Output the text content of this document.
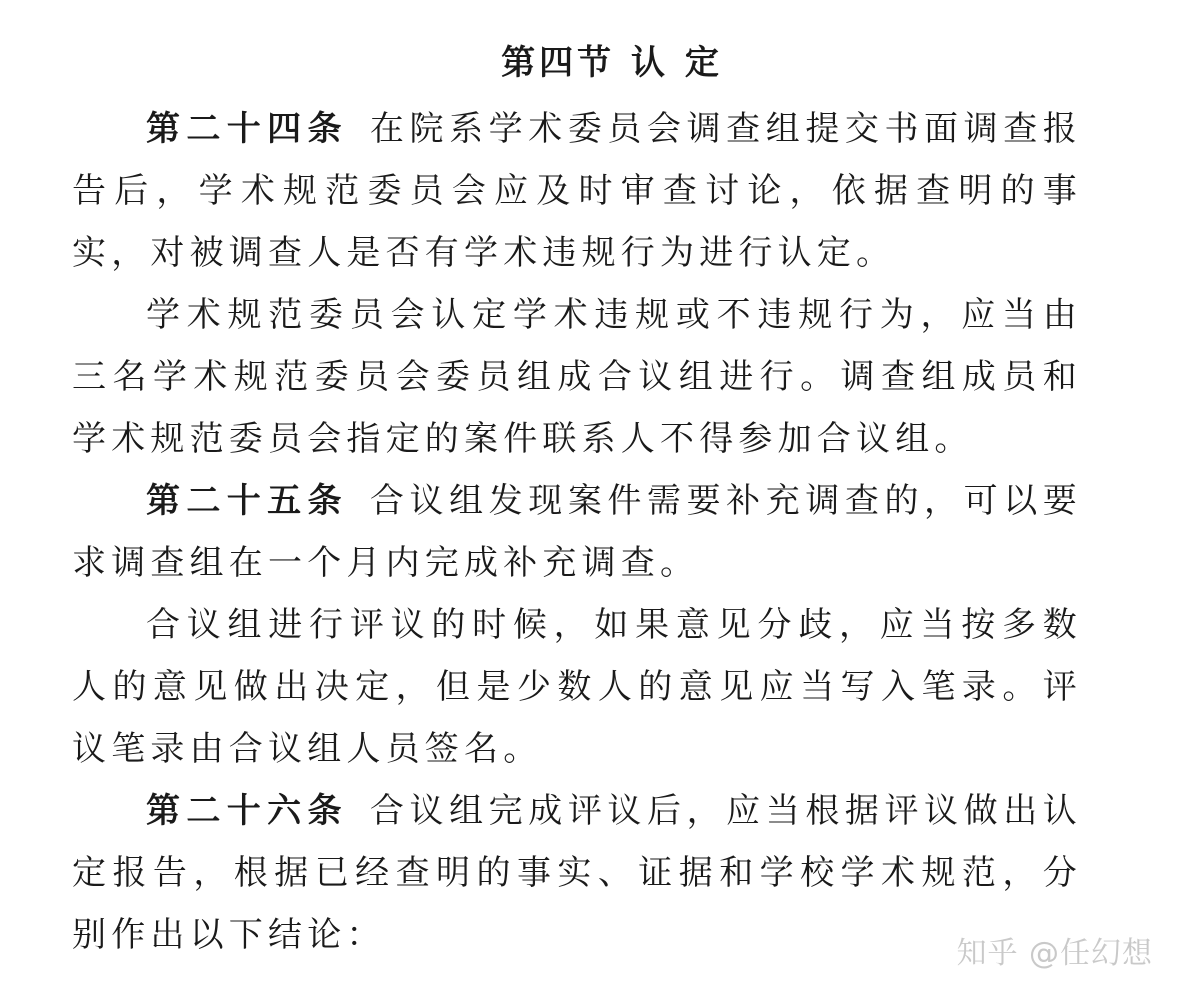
第四节 认 定

第二十四条 在院系学术委员会调查组提交书面调查报告后，学术规范委员会应及时审查讨论，依据查明的事实，对被调查人是否有学术违规行为进行认定。

学术规范委员会认定学术违规或不违规行为，应当由三名学术规范委员会委员组成合议组进行。调查组成员和学术规范委员会指定的案件联系人不得参加合议组。

第二十五条 合议组发现案件需要补充调查的，可以要求调查组在一个月内完成补充调查。

合议组进行评议的时候，如果意见分歧，应当按多数人的意见做出决定，但是少数人的意见应当写入笔录。评议笔录由合议组人员签名。

第二十六条 合议组完成评议后，应当根据评议做出认定报告，根据已经查明的事实、证据和学校学术规范，分别作出以下结论：	知乎 @任幻想
